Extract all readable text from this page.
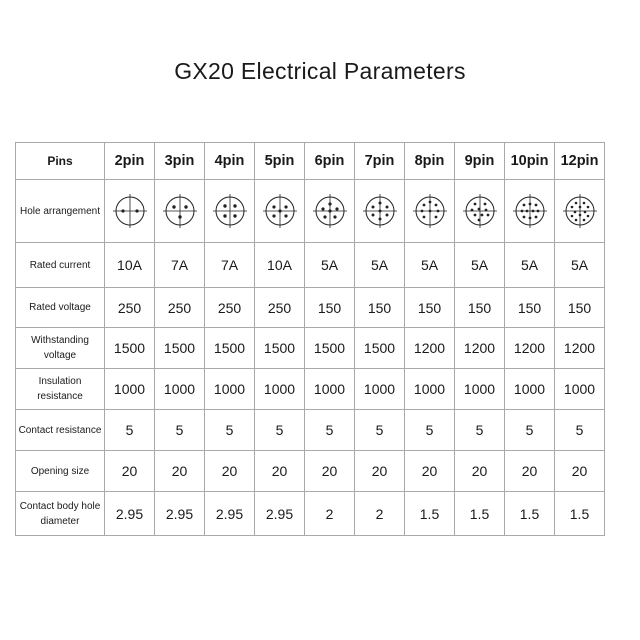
GX20 Electrical Parameters
Pins	2pin	3pin	4pin	5pin	6pin	7pin	8pin	9pin	10pin	12pin
Hole arrangement	

Rated current	10A	7A	7A	10A	5A	5A	5A	5A	5A	5A
Rated voltage	250	250	250	250	150	150	150	150	150	150
Withstanding voltage	1500	1500	1500	1500	1500	1500	1200	1200	1200	1200
Insulation resistance	1000	1000	1000	1000	1000	1000	1000	1000	1000	1000
Contact resistance	5	5	5	5	5	5	5	5	5	5
Opening size	20	20	20	20	20	20	20	20	20	20
Contact body hole diameter	2.95	2.95	2.95	2.95	2	2	1.5	1.5	1.5	1.5
